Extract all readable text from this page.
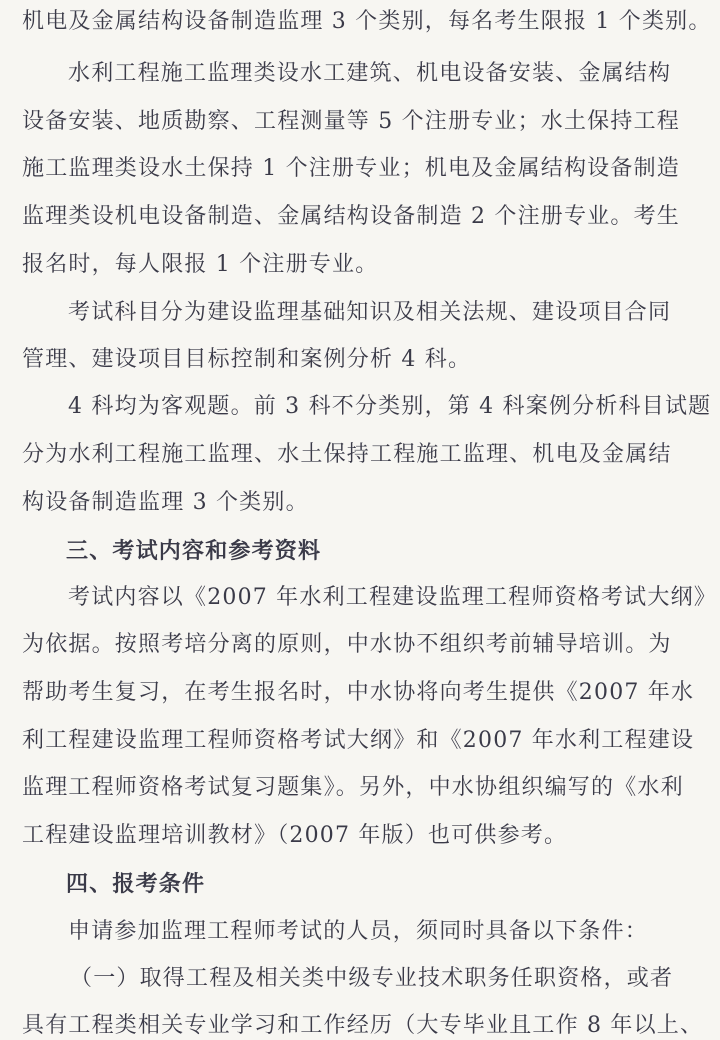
机电及金属结构设备制造监理 3 个类别，每名考生限报 1 个类别。
水利工程施工监理类设水工建筑、机电设备安装、金属结构
设备安装、地质勘察、工程测量等 5 个注册专业；水土保持工程
施工监理类设水土保持 1 个注册专业；机电及金属结构设备制造
监理类设机电设备制造、金属结构设备制造 2 个注册专业。考生
报名时，每人限报 1 个注册专业。
考试科目分为建设监理基础知识及相关法规、建设项目合同
管理、建设项目目标控制和案例分析 4 科。
4 科均为客观题。前 3 科不分类别，第 4 科案例分析科目试题
分为水利工程施工监理、水土保持工程施工监理、机电及金属结
构设备制造监理 3 个类别。
三、考试内容和参考资料
考试内容以《2007 年水利工程建设监理工程师资格考试大纲》
为依据。按照考培分离的原则，中水协不组织考前辅导培训。为
帮助考生复习，在考生报名时，中水协将向考生提供《2007 年水
利工程建设监理工程师资格考试大纲》和《2007 年水利工程建设
监理工程师资格考试复习题集》。另外，中水协组织编写的《水利
工程建设监理培训教材》（2007 年版）也可供参考。
四、报考条件
申请参加监理工程师考试的人员，须同时具备以下条件：
（一）取得工程及相关类中级专业技术职务任职资格，或者
具有工程类相关专业学习和工作经历（大专毕业且工作 8 年以上、
